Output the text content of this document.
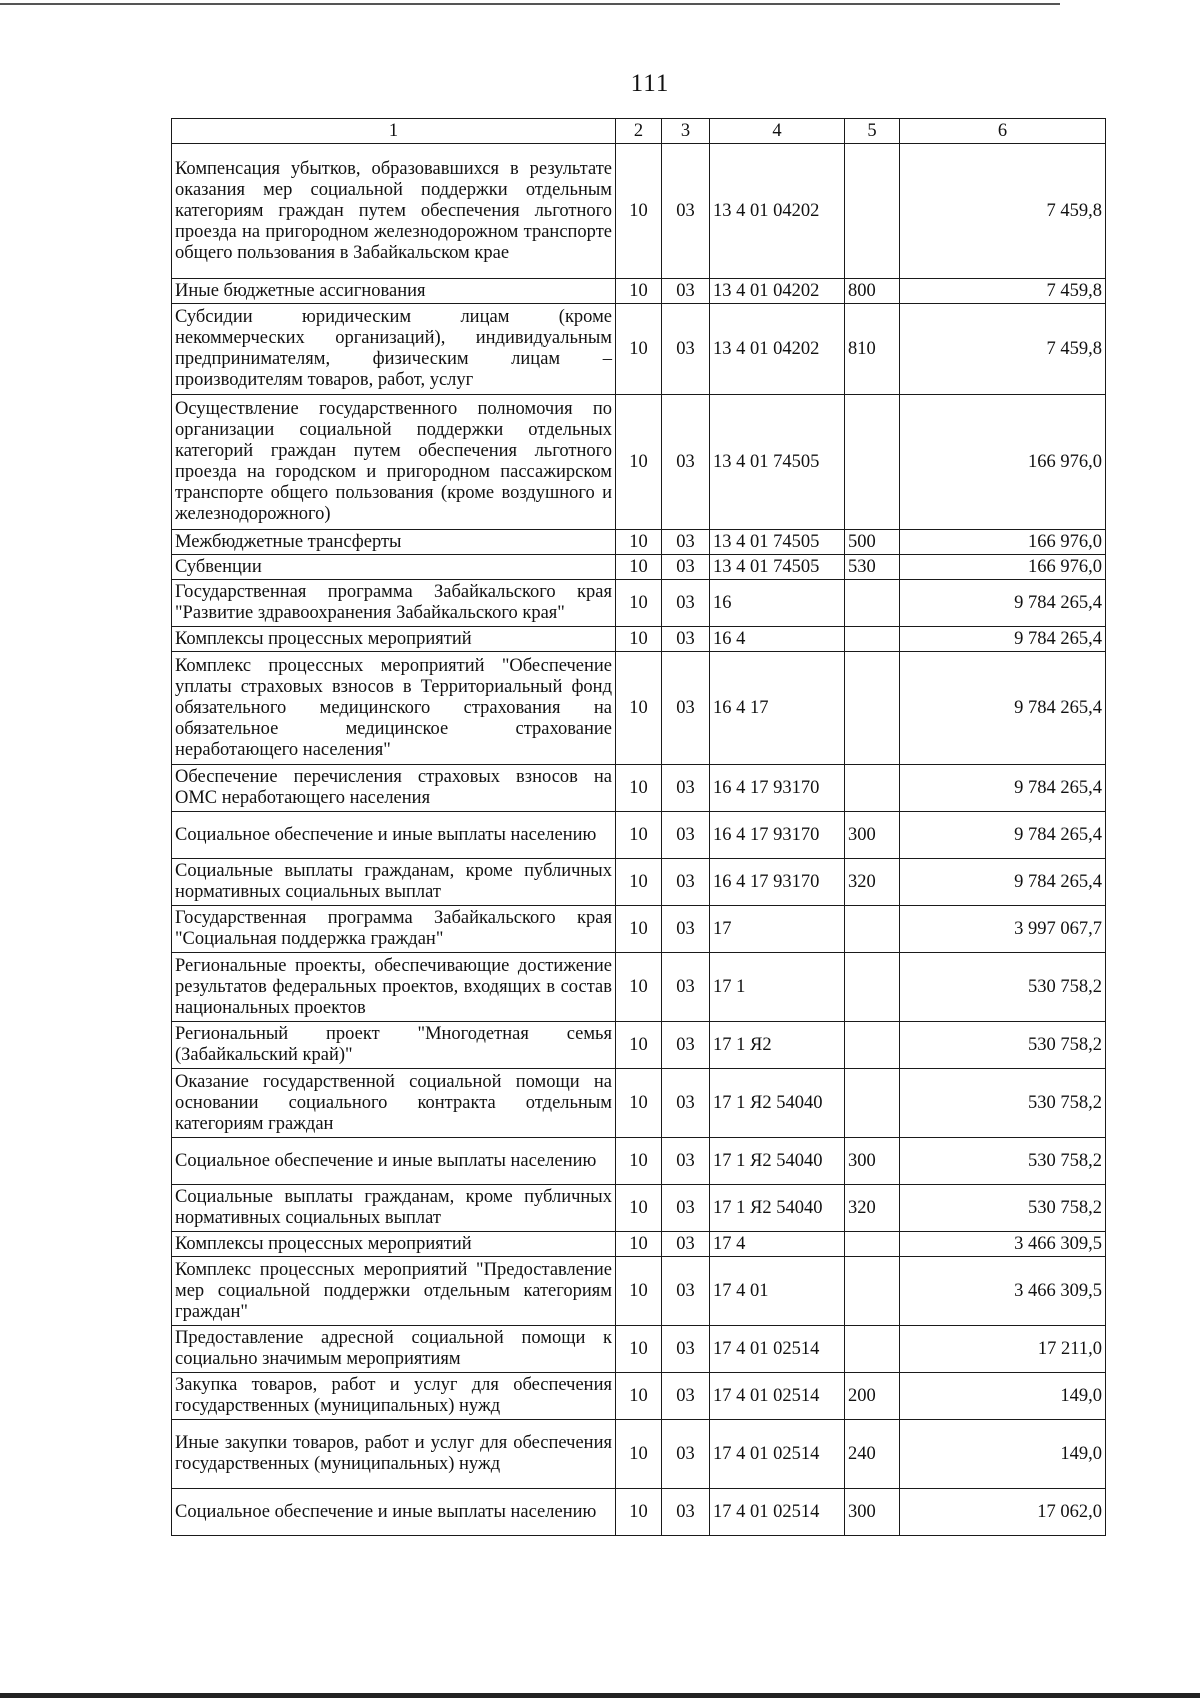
111
1	2	3	4	5	6
Компенсация убытков, образовавшихся в результате оказания мер социальной поддержки отдельным категориям граждан путем обеспечения льготного проезда на пригородном железнодорожном транспорте общего пользования в Забайкальском крае	10	03	13 4 01 04202		7 459,8
Иные бюджетные ассигнования	10	03	13 4 01 04202	800	7 459,8
Субсидии юридическим лицам (кроме некоммерческих организаций), индивидуальным предпринимателям, физическим лицам – производителям товаров, работ, услуг	10	03	13 4 01 04202	810	7 459,8
Осуществление государственного полномочия по организации социальной поддержки отдельных категорий граждан путем обеспечения льготного проезда на городском и пригородном пассажирском транспорте общего пользования (кроме воздушного и железнодорожного)	10	03	13 4 01 74505		166 976,0
Межбюджетные трансферты	10	03	13 4 01 74505	500	166 976,0
Субвенции	10	03	13 4 01 74505	530	166 976,0
Государственная программа Забайкальского края "Развитие здравоохранения Забайкальского края"	10	03	16		9 784 265,4
Комплексы процессных мероприятий	10	03	16 4		9 784 265,4
Комплекс процессных мероприятий "Обеспечение уплаты страховых взносов в Территориальный фонд обязательного медицинского страхования на обязательное медицинское страхование неработающего населения"	10	03	16 4 17		9 784 265,4
Обеспечение перечисления страховых взносов на ОМС неработающего населения	10	03	16 4 17 93170		9 784 265,4
Социальное обеспечение и иные выплаты населению	10	03	16 4 17 93170	300	9 784 265,4
Социальные выплаты гражданам, кроме публичных нормативных социальных выплат	10	03	16 4 17 93170	320	9 784 265,4
Государственная программа Забайкальского края "Социальная поддержка граждан"	10	03	17		3 997 067,7
Региональные проекты, обеспечивающие достижение результатов федеральных проектов, входящих в состав национальных проектов	10	03	17 1		530 758,2
Региональный проект "Многодетная семья (Забайкальский край)"	10	03	17 1 Я2		530 758,2
Оказание государственной социальной помощи на основании социального контракта отдельным категориям граждан	10	03	17 1 Я2 54040		530 758,2
Социальное обеспечение и иные выплаты населению	10	03	17 1 Я2 54040	300	530 758,2
Социальные выплаты гражданам, кроме публичных нормативных социальных выплат	10	03	17 1 Я2 54040	320	530 758,2
Комплексы процессных мероприятий	10	03	17 4		3 466 309,5
Комплекс процессных мероприятий "Предоставление мер социальной поддержки отдельным категориям граждан"	10	03	17 4 01		3 466 309,5
Предоставление адресной социальной помощи к социально значимым мероприятиям	10	03	17 4 01 02514		17 211,0
Закупка товаров, работ и услуг для обеспечения государственных (муниципальных) нужд	10	03	17 4 01 02514	200	149,0
Иные закупки товаров, работ и услуг для обеспечения государственных (муниципальных) нужд	10	03	17 4 01 02514	240	149,0
Социальное обеспечение и иные выплаты населению	10	03	17 4 01 02514	300	17 062,0
